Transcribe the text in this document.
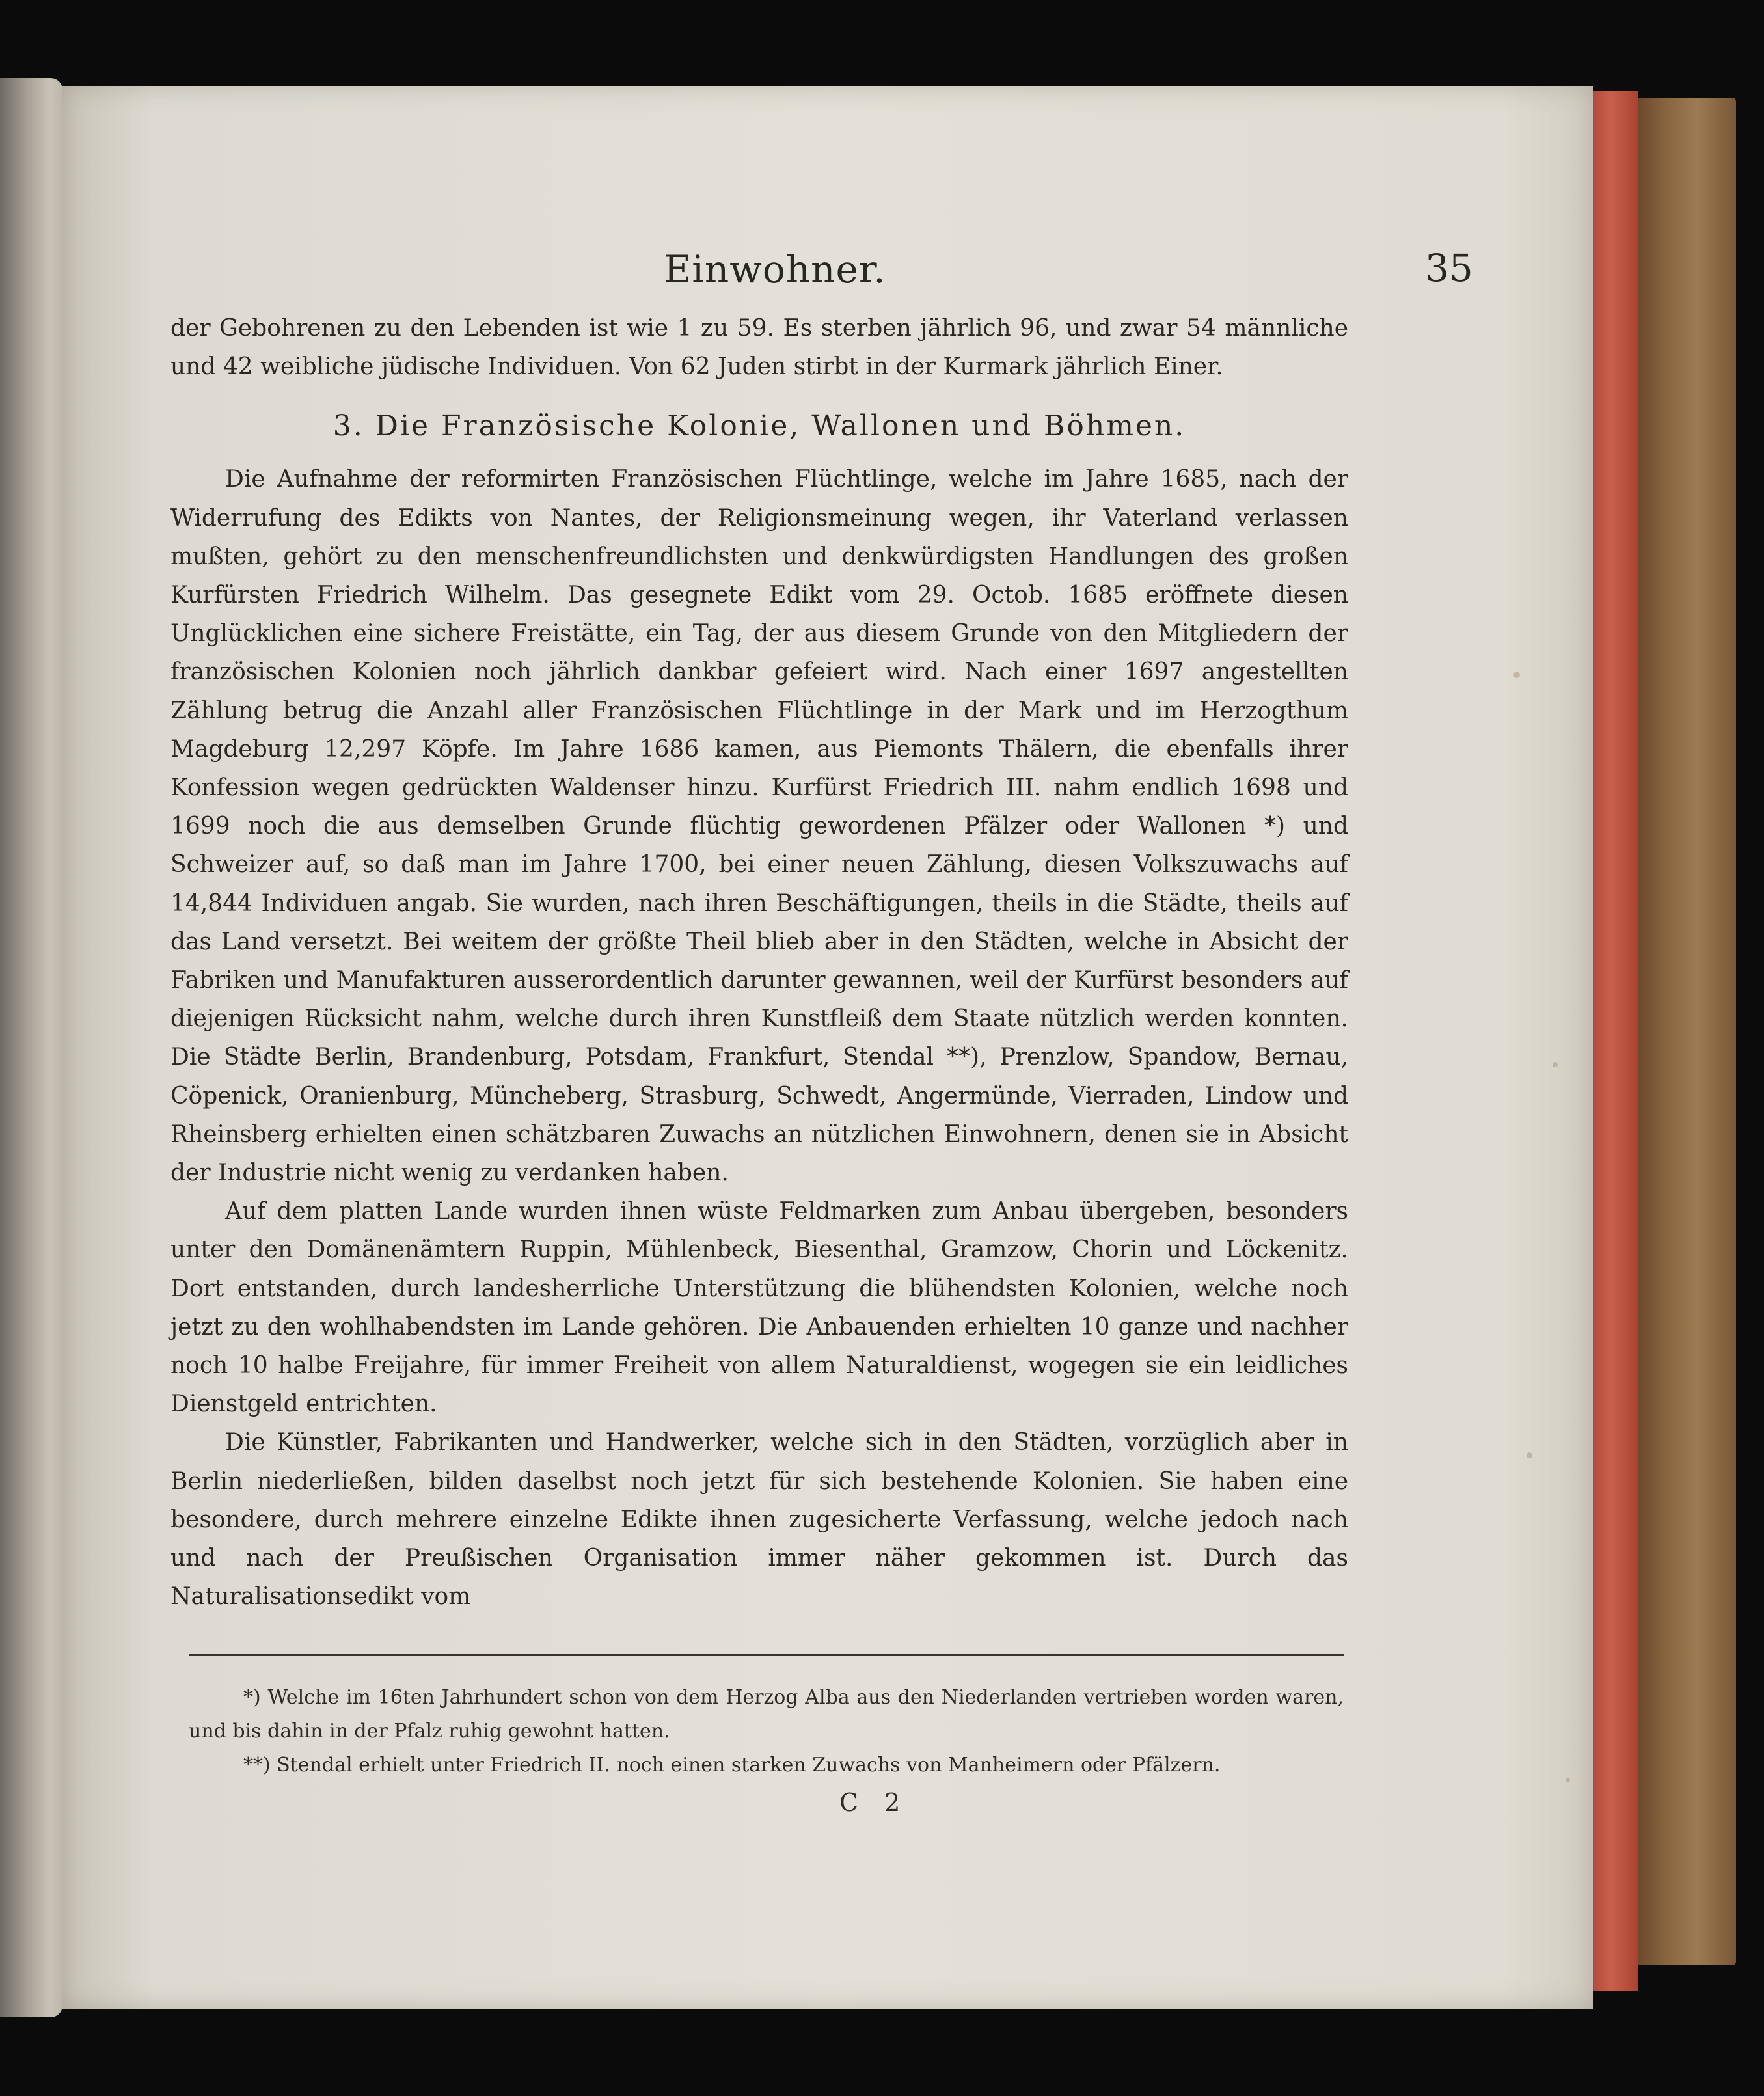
Einwohner.	35

der Gebohrenen zu den Lebenden ist wie 1 zu 59. Es sterben jährlich 96, und zwar 54 männliche und 42 weibliche jüdische Individuen. Von 62 Juden stirbt in der Kurmark jährlich Einer.

3. Die Französische Kolonie, Wallonen und Böhmen.

Die Aufnahme der reformirten Französischen Flüchtlinge, welche im Jahre 1685, nach der Widerrufung des Edikts von Nantes, der Religionsmeinung wegen, ihr Vaterland verlassen mußten, gehört zu den menschenfreundlichsten und denkwürdigsten Handlungen des großen Kurfürsten Friedrich Wilhelm. Das gesegnete Edikt vom 29. Octob. 1685 eröffnete diesen Unglücklichen eine sichere Freistätte, ein Tag, der aus diesem Grunde von den Mitgliedern der französischen Kolonien noch jährlich dankbar gefeiert wird. Nach einer 1697 angestellten Zählung betrug die Anzahl aller Französischen Flüchtlinge in der Mark und im Herzogthum Magdeburg 12,297 Köpfe. Im Jahre 1686 kamen, aus Piemonts Thälern, die ebenfalls ihrer Konfession wegen gedrückten Waldenser hinzu. Kurfürst Friedrich III. nahm endlich 1698 und 1699 noch die aus demselben Grunde flüchtig gewordenen Pfälzer oder Wallonen *) und Schweizer auf, so daß man im Jahre 1700, bei einer neuen Zählung, diesen Volkszuwachs auf 14,844 Individuen angab. Sie wurden, nach ihren Beschäftigungen, theils in die Städte, theils auf das Land versetzt. Bei weitem der größte Theil blieb aber in den Städten, welche in Absicht der Fabriken und Manufakturen ausserordentlich darunter gewannen, weil der Kurfürst besonders auf diejenigen Rücksicht nahm, welche durch ihren Kunstfleiß dem Staate nützlich werden konnten. Die Städte Berlin, Brandenburg, Potsdam, Frankfurt, Stendal **), Prenzlow, Spandow, Bernau, Cöpenick, Oranienburg, Müncheberg, Strasburg, Schwedt, Angermünde, Vierraden, Lindow und Rheinsberg erhielten einen schätzbaren Zuwachs an nützlichen Einwohnern, denen sie in Absicht der Industrie nicht wenig zu verdanken haben.

Auf dem platten Lande wurden ihnen wüste Feldmarken zum Anbau übergeben, besonders unter den Domänenämtern Ruppin, Mühlenbeck, Biesenthal, Gramzow, Chorin und Löckenitz. Dort entstanden, durch landesherrliche Unterstützung die blühendsten Kolonien, welche noch jetzt zu den wohlhabendsten im Lande gehören. Die Anbauenden erhielten 10 ganze und nachher noch 10 halbe Freijahre, für immer Freiheit von allem Naturaldienst, wogegen sie ein leidliches Dienstgeld entrichten.

Die Künstler, Fabrikanten und Handwerker, welche sich in den Städten, vorzüglich aber in Berlin niederließen, bilden daselbst noch jetzt für sich bestehende Kolonien. Sie haben eine besondere, durch mehrere einzelne Edikte ihnen zugesicherte Verfassung, welche jedoch nach und nach der Preußischen Organisation immer näher gekommen ist. Durch das Naturalisationsedikt vom

*) Welche im 16ten Jahrhundert schon von dem Herzog Alba aus den Niederlanden vertrieben worden waren, und bis dahin in der Pfalz ruhig gewohnt hatten.

**) Stendal erhielt unter Friedrich II. noch einen starken Zuwachs von Manheimern oder Pfälzern.

C 2
